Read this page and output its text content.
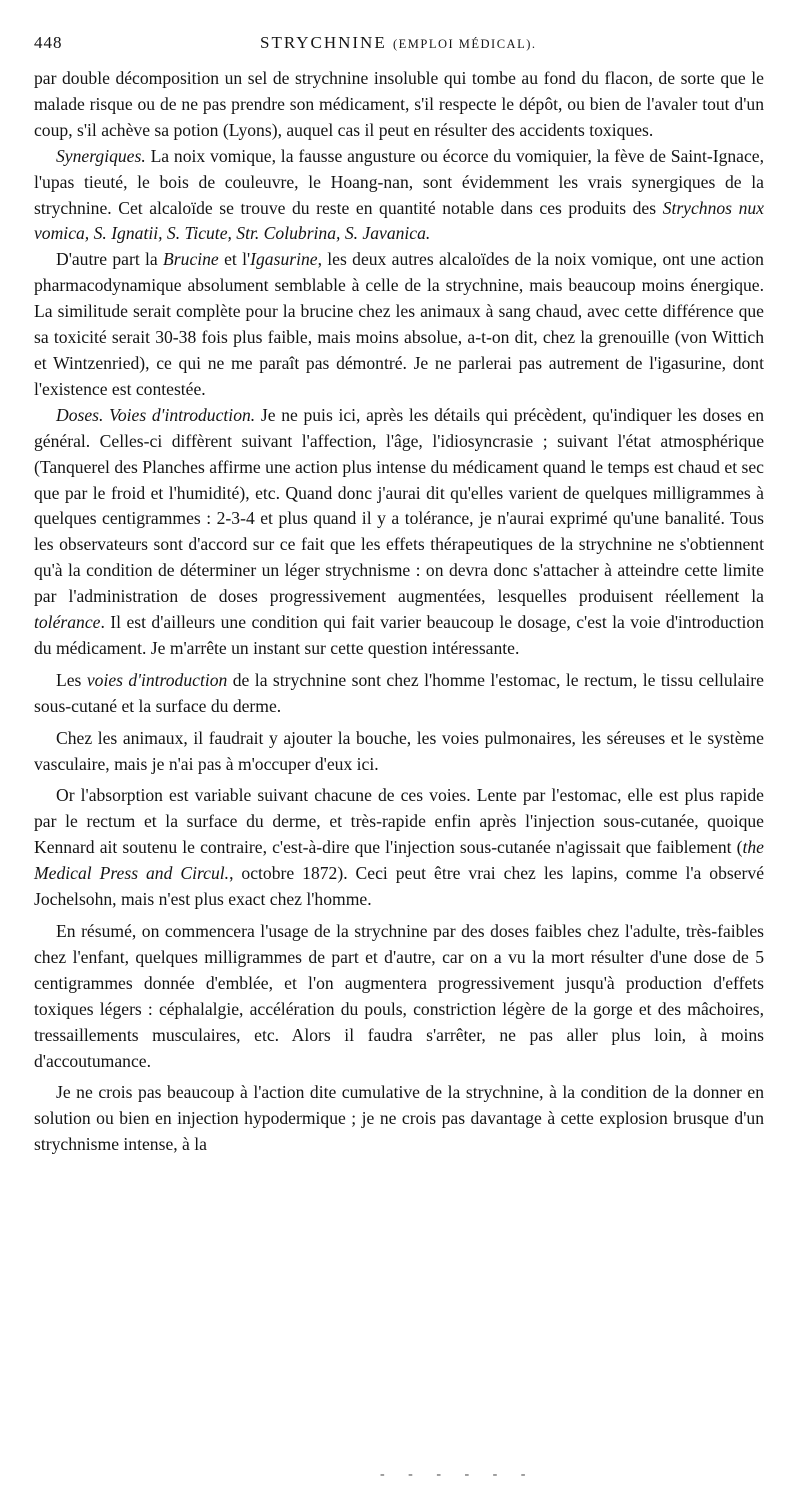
448	STRYCHNINE (EMPLOI MÉDICAL).

par double décomposition un sel de strychnine insoluble qui tombe au fond du flacon, de sorte que le malade risque ou de ne pas prendre son médicament, s'il respecte le dépôt, ou bien de l'avaler tout d'un coup, s'il achève sa potion (Lyons), auquel cas il peut en résulter des accidents toxiques.

Synergiques. La noix vomique, la fausse angusture ou écorce du vomiquier, la fève de Saint-Ignace, l'upas tieuté, le bois de couleuvre, le Hoang-nan, sont évidemment les vrais synergiques de la strychnine. Cet alcaloïde se trouve du reste en quantité notable dans ces produits des Strychnos nux vomica, S. Ignatii, S. Ticute, Str. Colubrina, S. Javanica.

D'autre part la Brucine et l'Igasurine, les deux autres alcaloïdes de la noix vomique, ont une action pharmacodynamique absolument semblable à celle de la strychnine, mais beaucoup moins énergique. La similitude serait complète pour la brucine chez les animaux à sang chaud, avec cette différence que sa toxicité serait 30-38 fois plus faible, mais moins absolue, a-t-on dit, chez la grenouille (von Wittich et Wintzenried), ce qui ne me paraît pas démontré. Je ne parlerai pas autrement de l'igasurine, dont l'existence est contestée.

Doses. Voies d'introduction. Je ne puis ici, après les détails qui précèdent, qu'indiquer les doses en général. Celles-ci diffèrent suivant l'affection, l'âge, l'idiosyncrasie ; suivant l'état atmosphérique (Tanquerel des Planches affirme une action plus intense du médicament quand le temps est chaud et sec que par le froid et l'humidité), etc. Quand donc j'aurai dit qu'elles varient de quelques milligrammes à quelques centigrammes : 2-3-4 et plus quand il y a tolérance, je n'aurai exprimé qu'une banalité. Tous les observateurs sont d'accord sur ce fait que les effets thérapeutiques de la strychnine ne s'obtiennent qu'à la condition de déterminer un léger strychnisme : on devra donc s'attacher à atteindre cette limite par l'administration de doses progressivement augmentées, lesquelles produisent réellement la tolérance. Il est d'ailleurs une condition qui fait varier beaucoup le dosage, c'est la voie d'introduction du médicament. Je m'arrête un instant sur cette question intéressante.

Les voies d'introduction de la strychnine sont chez l'homme l'estomac, le rectum, le tissu cellulaire sous-cutané et la surface du derme.

Chez les animaux, il faudrait y ajouter la bouche, les voies pulmonaires, les séreuses et le système vasculaire, mais je n'ai pas à m'occuper d'eux ici.

Or l'absorption est variable suivant chacune de ces voies. Lente par l'estomac, elle est plus rapide par le rectum et la surface du derme, et très-rapide enfin après l'injection sous-cutanée, quoique Kennard ait soutenu le contraire, c'est-à-dire que l'injection sous-cutanée n'agissait que faiblement (the Medical Press and Circul., octobre 1872). Ceci peut être vrai chez les lapins, comme l'a observé Jochelsohn, mais n'est plus exact chez l'homme.

En résumé, on commencera l'usage de la strychnine par des doses faibles chez l'adulte, très-faibles chez l'enfant, quelques milligrammes de part et d'autre, car on a vu la mort résulter d'une dose de 5 centigrammes donnée d'emblée, et l'on augmentera progressivement jusqu'à production d'effets toxiques légers : céphalalgie, accélération du pouls, constriction légère de la gorge et des mâchoires, tressaillements musculaires, etc. Alors il faudra s'arrêter, ne pas aller plus loin, à moins d'accoutumance.

Je ne crois pas beaucoup à l'action dite cumulative de la strychnine, à la condition de la donner en solution ou bien en injection hypodermique ; je ne crois pas davantage à cette explosion brusque d'un strychnisme intense, à la

- - - - - -
